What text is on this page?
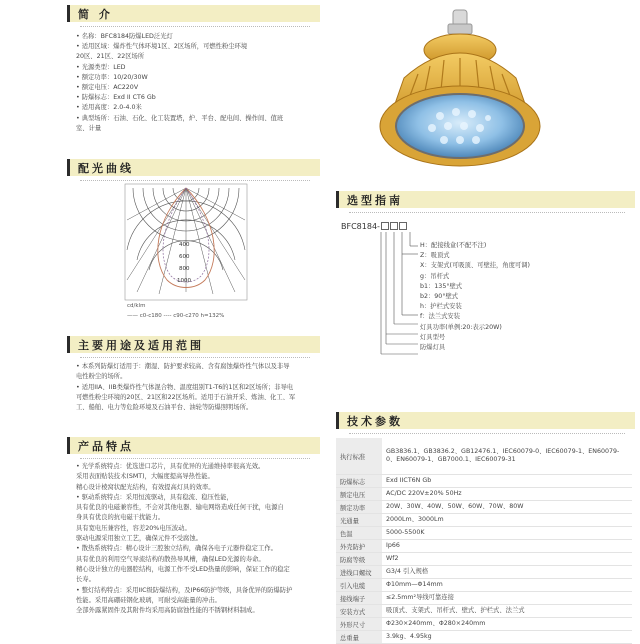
简 介
配光曲线
选型指南
主要用途及适用范围
产品特点
技术参数
• 名称：BFC8184防爆LED泛光灯
• 适用区域：爆炸性气体环境1区、2区场所，可燃性粉尘环境
20区、21区、22区场所
• 光源类型：LED
• 额定功率：10/20/30W
• 额定电压：AC220V
• 防爆标志：Exd II CT6 Gb
• 适用高度：2.0-4.0米
• 典型场所：石油、石化、化工装置塔，炉、平台、配电间、操作间、值班
室、计量
400
600
800
1000
cd/klm
—— c0-c180 ---- c90-c270 h=132%
BFC8184-
H：配接线盒(不配不注)
Z：吸顶式
X：支架式(可吸顶、可壁挂，角度可调)
g：吊杆式
b1：135°壁式
b2：90°壁式
h：护栏式安装
f：法兰式安装
灯具功率(单例:20:表示20W)
灯具型号
防爆灯具
• 本系列防爆灯适用于：潮湿、防护要求较高、含有腐蚀爆炸性气体以及非导
电性粉尘的场所。
• 适用IIA、IIB类爆炸性气体混合物、温度组别T1-T6的1区和2区场所；非导电
可燃性粉尘环境的20区、21区和22区场所。适用于石油开采、炼油、化工、军
工、船舶、电力等危险环境及石油平台、油轮等防爆照明场所。
• 光学系统特点：优选进口芯片，具有优异的光通维持率很高光效。
采用表面贴装技术(SMT)，大幅度提高导热性能。
精心设计棱窝状配光结构，有效提高灯具的效率。
• 驱动系统特点：采用恒流驱动，具有稳流、稳压性能，
具有优良的电磁兼容性，不会对其他电器、输电网络造成任何干扰，电源自
身具有优良的抗电磁干扰能力。
具有宽电压兼容性，容差20%电压波动。
驱动电源采用独立工艺，确保元件不受腐蚀。
• 散热系统特点：精心设计三腔独立结构，确保各电子元器件稳定工作。
具有优良的利用空气导流结构的散热导风槽，确保LED光源的寿命。
精心设计独立的电器腔结构，电源工作不受LED热量的影响，保证工作的稳定
长寿。
• 整灯结构特点：采用IIC级防爆结构，及IP66防护等级，具备优异的防爆防护
性能。采用高硼硅钢化玻璃，可耐受高能量的冲击。
全部外露紧固件及其附件均采用高防腐蚀性能的不锈钢材料制成。
执行标准	GB3836.1、GB3836.2、GB12476.1、IEC60079-0、IEC60079-1、EN60079-0、EN60079-1、GB7000.1、IEC60079-31
防爆标志	Exd IICT6N Gb
额定电压	AC/DC 220V±20% 50Hz
额定功率	20W、30W、40W、50W、60W、70W、80W
光通量	2000Lm、3000Lm
色温	5000-5500K
外壳防护	Ip66
防腐等级	Wf2
进线口螺纹	G3/4 引入规格
引入电缆	Φ10mm—Φ14mm
接线端子	≤2.5mm²导线可靠连接
安装方式	吸顶式、支架式、吊杆式、壁式、护栏式、法兰式
外形尺寸	Φ230×240mm、Φ280×240mm
总重量	3.9kg、4.95kg
